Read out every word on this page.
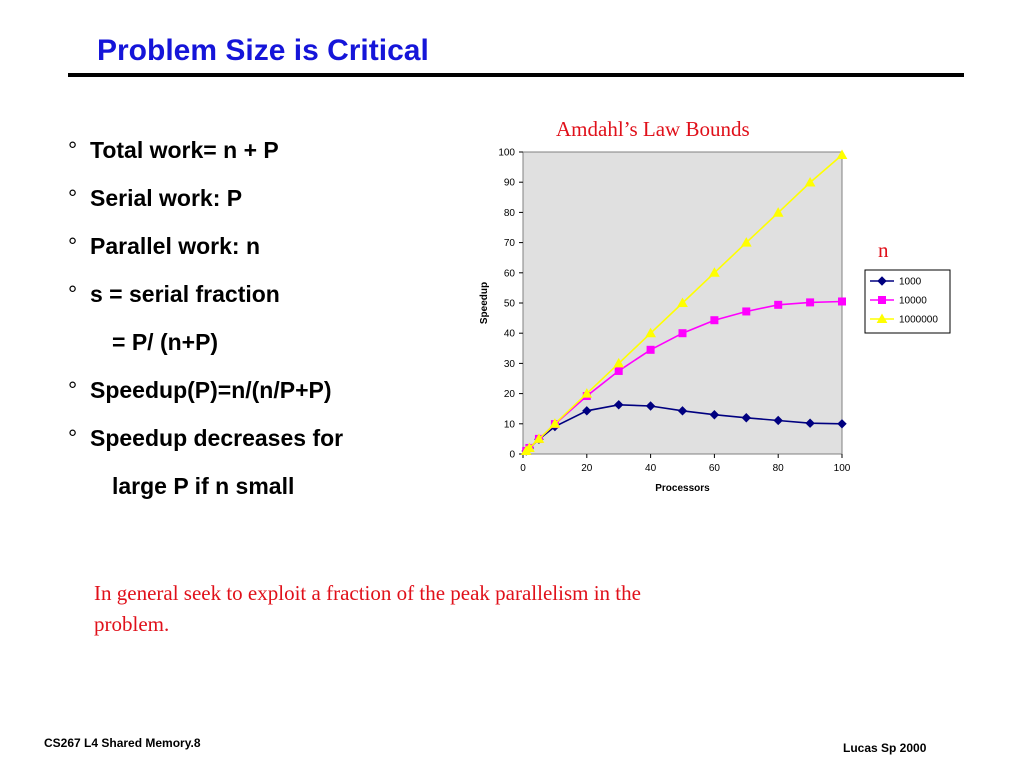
Problem Size is Critical
° Total work= n + P
° Serial work: P
° Parallel work: n
° s = serial fraction
= P/ (n+P)
° Speedup(P)=n/(n/P+P)
° Speedup decreases for
large P if n small
Amdahl’s Law Bounds
n
0
10
20
30
40
50
60
70
80
90
100
0	20	40	60	80	100
Processors
Speedup	1000
10000
1000000
In general seek to exploit a fraction of the peak parallelism in the problem.
CS267 L4 Shared Memory.8	Lucas Sp 2000
